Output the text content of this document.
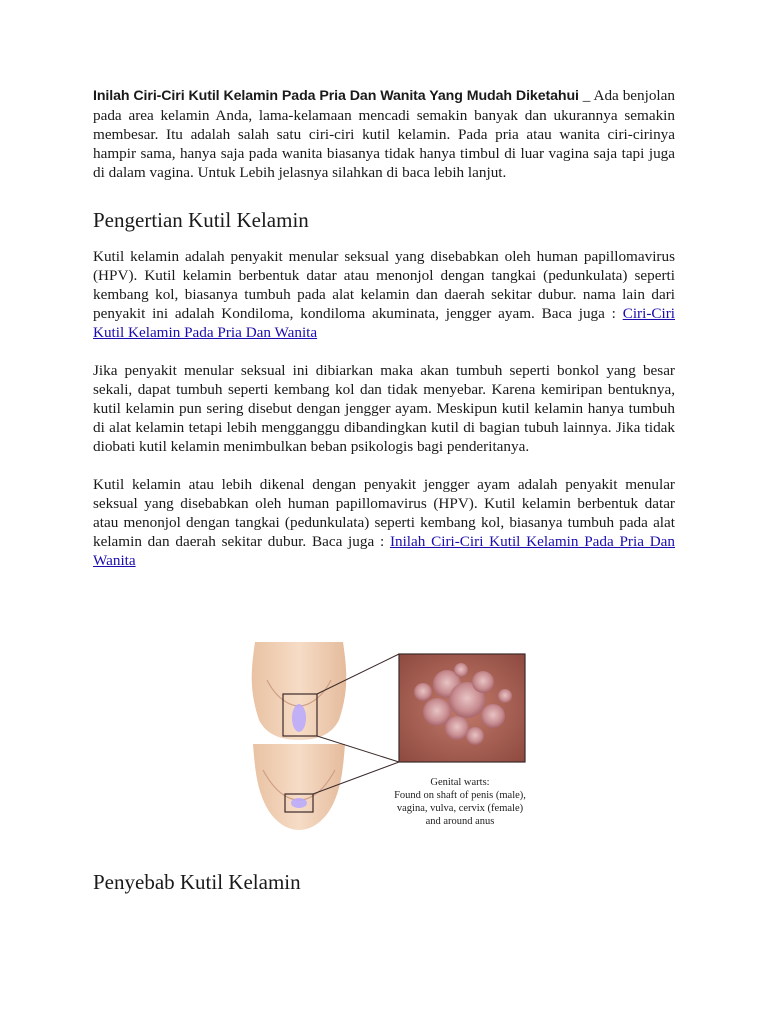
Inilah Ciri-Ciri Kutil Kelamin Pada Pria Dan Wanita Yang Mudah Diketahui _ Ada benjolan pada area kelamin Anda, lama-kelamaan mencadi semakin banyak dan ukurannya semakin membesar. Itu adalah salah satu ciri-ciri kutil kelamin. Pada pria atau wanita ciri-cirinya hampir sama, hanya saja pada wanita biasanya tidak hanya timbul di luar vagina saja tapi juga di dalam vagina. Untuk Lebih jelasnya silahkan di baca lebih lanjut.

Pengertian Kutil Kelamin

Kutil kelamin adalah penyakit menular seksual yang disebabkan oleh human papillomavirus (HPV). Kutil kelamin berbentuk datar atau menonjol dengan tangkai (pedunkulata) seperti kembang kol, biasanya tumbuh pada alat kelamin dan daerah sekitar dubur. nama lain dari penyakit ini adalah Kondiloma, kondiloma akuminata, jengger ayam. Baca juga : Ciri-Ciri Kutil Kelamin Pada Pria Dan Wanita

Jika penyakit menular seksual ini dibiarkan maka akan tumbuh seperti bonkol yang besar sekali, dapat tumbuh seperti kembang kol dan tidak menyebar. Karena kemiripan bentuknya, kutil kelamin pun sering disebut dengan jengger ayam. Meskipun kutil kelamin hanya tumbuh di alat kelamin tetapi lebih mengganggu dibandingkan kutil di bagian tubuh lainnya. Jika tidak diobati kutil kelamin menimbulkan beban psikologis bagi penderitanya.

Kutil kelamin atau lebih dikenal dengan penyakit jengger ayam adalah penyakit menular seksual yang disebabkan oleh human papillomavirus (HPV). Kutil kelamin berbentuk datar atau menonjol dengan tangkai (pedunkulata) seperti kembang kol, biasanya tumbuh pada alat kelamin dan daerah sekitar dubur. Baca juga : Inilah Ciri-Ciri Kutil Kelamin Pada Pria Dan Wanita

Genital warts:
Found on shaft of penis (male),
vagina, vulva, cervix (female)
and around anus
Penyebab Kutil Kelamin
